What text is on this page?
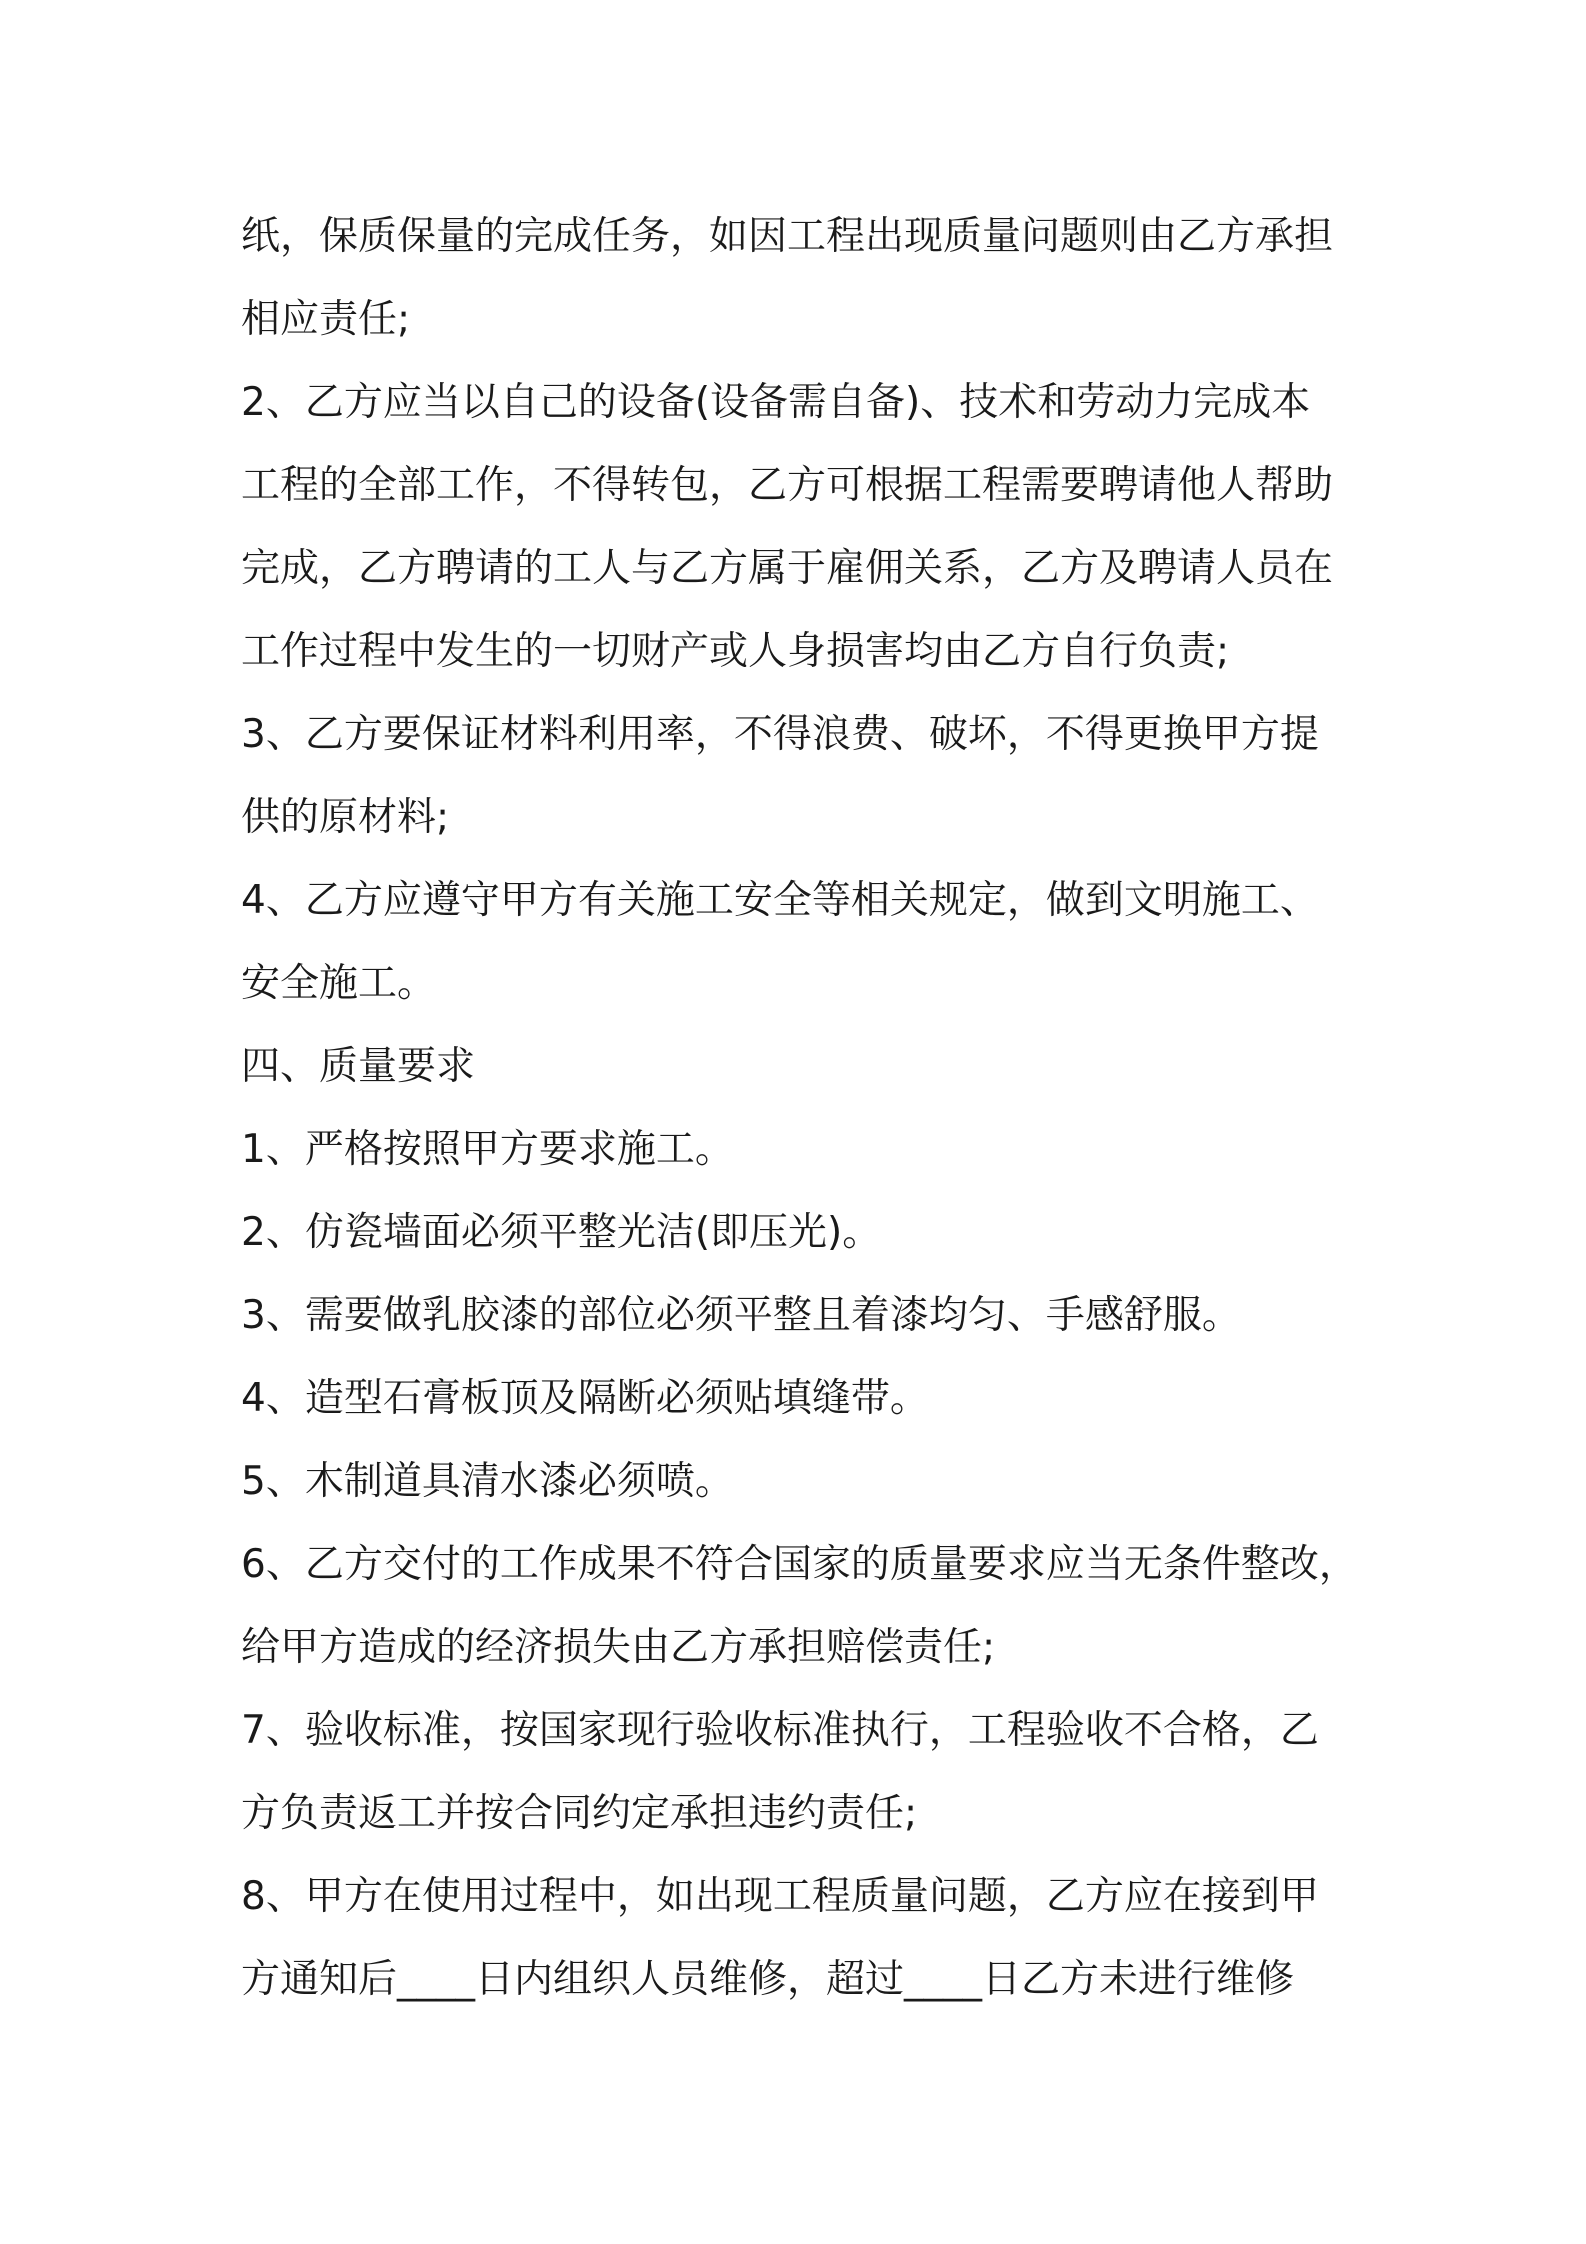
纸，保质保量的完成任务，如因工程出现质量问题则由乙方承担
相应责任;
2、乙方应当以自己的设备(设备需自备)、技术和劳动力完成本
工程的全部工作，不得转包，乙方可根据工程需要聘请他人帮助
完成，乙方聘请的工人与乙方属于雇佣关系，乙方及聘请人员在
工作过程中发生的一切财产或人身损害均由乙方自行负责;
3、乙方要保证材料利用率，不得浪费、破坏，不得更换甲方提
供的原材料;
4、乙方应遵守甲方有关施工安全等相关规定，做到文明施工、
安全施工。
四、质量要求
1、严格按照甲方要求施工。
2、仿瓷墙面必须平整光洁(即压光)。
3、需要做乳胶漆的部位必须平整且着漆均匀、手感舒服。
4、造型石膏板顶及隔断必须贴填缝带。
5、木制道具清水漆必须喷。
6、乙方交付的工作成果不符合国家的质量要求应当无条件整改，
给甲方造成的经济损失由乙方承担赔偿责任;
7、验收标准，按国家现行验收标准执行，工程验收不合格，乙
方负责返工并按合同约定承担违约责任;
8、甲方在使用过程中，如出现工程质量问题，乙方应在接到甲
方通知后____日内组织人员维修，超过____日乙方未进行维修
